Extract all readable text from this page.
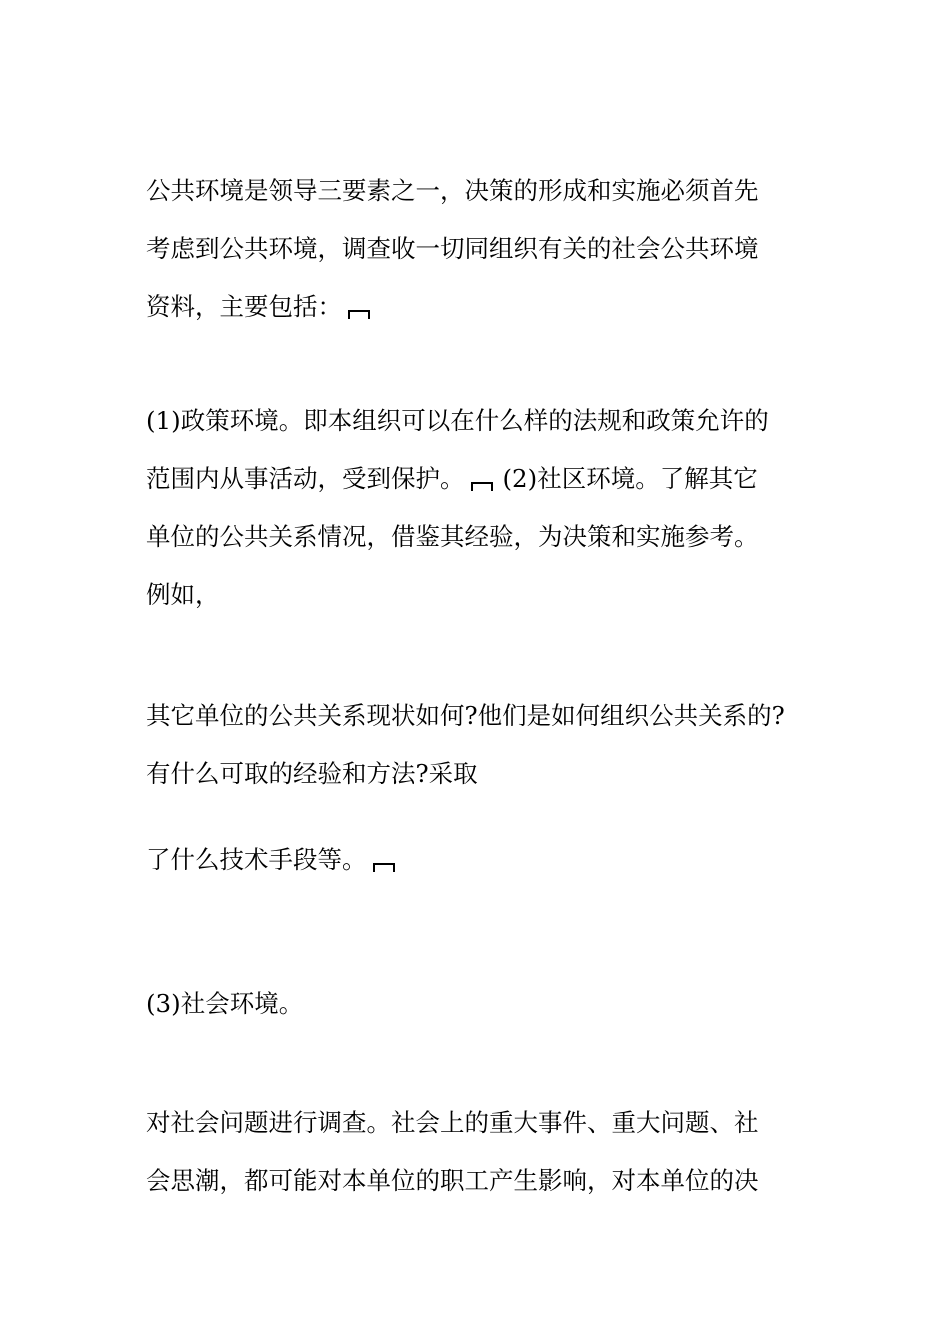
公共环境是领导三要素之一，决策的形成和实施必须首先
考虑到公共环境，调查收一切同组织有关的社会公共环境
资料，主要包括：
(1)政策环境。即本组织可以在什么样的法规和政策允许的
范围内从事活动，受到保护。 (2)社区环境。了解其它
单位的公共关系情况，借鉴其经验，为决策和实施参考。
例如，
其它单位的公共关系现状如何?他们是如何组织公共关系的?
有什么可取的经验和方法?采取
了什么技术手段等。
(3)社会环境。
对社会问题进行调查。社会上的重大事件、重大问题、社
会思潮，都可能对本单位的职工产生影响，对本单位的决
